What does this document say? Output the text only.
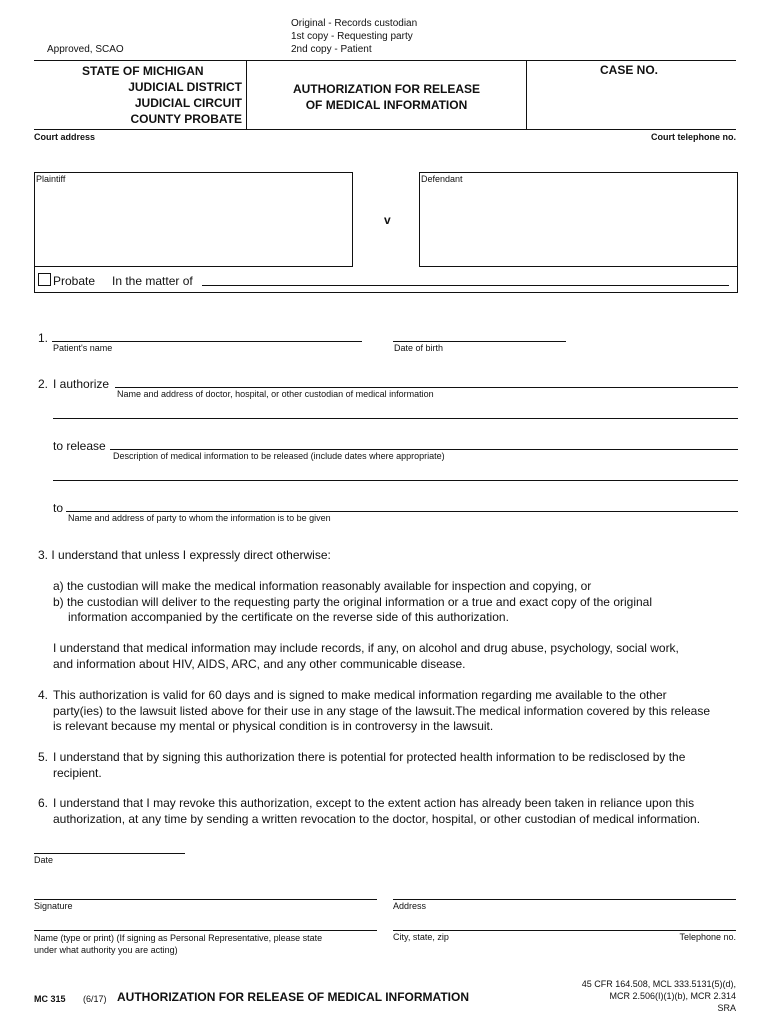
Approved, SCAO
Original - Records custodian
1st copy - Requesting party
2nd copy - Patient
STATE OF MICHIGAN
JUDICIAL DISTRICT
JUDICIAL CIRCUIT
COUNTY PROBATE
AUTHORIZATION FOR RELEASE
OF MEDICAL INFORMATION
CASE NO.
Court address	Court telephone no.
Plaintiff
v
Defendant
Probate In the matter of
1.
Patient's name	Date of birth
2. I authorize
Name and address of doctor, hospital, or other custodian of medical information
to release
Description of medical information to be released (include dates where appropriate)
to
Name and address of party to whom the information is to be given
3. I understand that unless I expressly direct otherwise:
a) the custodian will make the medical information reasonably available for inspection and copying, or
b) the custodian will deliver to the requesting party the original information or a true and exact copy of the original
information accompanied by the certificate on the reverse side of this authorization.
I understand that medical information may include records, if any, on alcohol and drug abuse, psychology, social work,
and information about HIV, AIDS, ARC, and any other communicable disease.
4. This authorization is valid for 60 days and is signed to make medical information regarding me available to the other
party(ies) to the lawsuit listed above for their use in any stage of the lawsuit.The medical information covered by this release
is relevant because my mental or physical condition is in controversy in the lawsuit.
5. I understand that by signing this authorization there is potential for protected health information to be redisclosed by the
recipient.
6. I understand that I may revoke this authorization, except to the extent action has already been taken in reliance upon this
authorization, at any time by sending a written revocation to the doctor, hospital, or other custodian of medical information.
Date
Signature	Address
Name (type or print) (If signing as Personal Representative, please state
under what authority you are acting)
City, state, zip	Telephone no.
MC 315 (6/17) AUTHORIZATION FOR RELEASE OF MEDICAL INFORMATION
45 CFR 164.508, MCL 333.5131(5)(d),
MCR 2.506(I)(1)(b), MCR 2.314
SRA
